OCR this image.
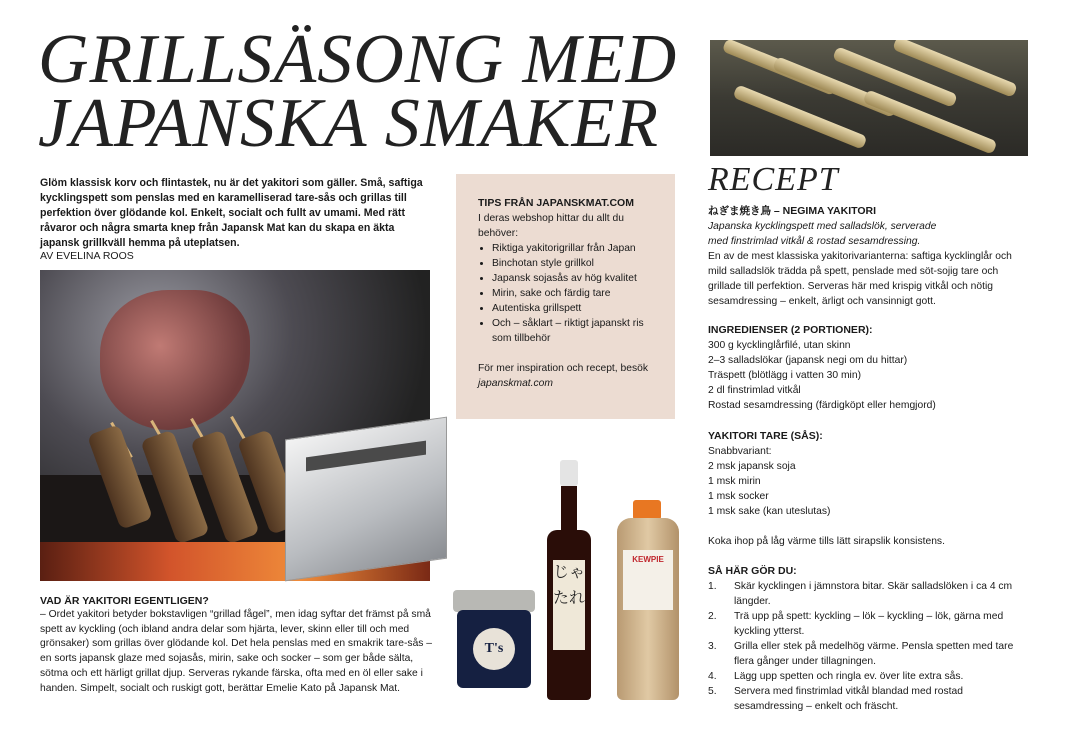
GRILLSÄSONG MED
JAPANSKA SMAKER
Glöm klassisk korv och flintastek, nu är det yakitori som gäller. Små, saftiga kycklingspett som penslas med en karamelliserad tare-sås och grillas till perfektion över glödande kol. Enkelt, socialt och fullt av umami. Med rätt råvaror och några smarta knep från Japansk Mat kan du skapa en äkta japansk grillkväll hemma på uteplatsen.
AV EVELINA ROOS
VAD ÄR YAKITORI EGENTLIGEN?
– Ordet yakitori betyder bokstavligen “grillad fågel”, men idag syftar det främst på små spett av kyckling (och ibland andra delar som hjärta, lever, skinn eller till och med grönsaker) som grillas över glödande kol. Det hela penslas med en smakrik tare-sås – en sorts japansk glaze med sojasås, mirin, sake och socker – som ger både sälta, sötma och ett härligt grillat djup. Serveras rykande färska, ofta med en öl eller sake i handen. Simpelt, socialt och ruskigt gott, berättar Emelie Kato på Japansk Mat.
TIPS FRÅN JAPANSKMAT.COM
I deras webshop hittar du allt du behöver:
• Riktiga yakitorigrillar från Japan
• Binchotan style grillkol
• Japansk sojasås av hög kvalitet
• Mirin, sake och färdig tare
• Autentiska grillspett
• Och – såklart – riktigt japanskt ris som tillbehör
För mer inspiration och recept, besök japanskmat.com
T's
じゃ たれ
KEWPIE
RECEPT
ねぎま焼き鳥 – NEGIMA YAKITORI
Japanska kycklingspett med salladslök, serverade med finstrimlad vitkål & rostad sesamdressing.
En av de mest klassiska yakitorivarianterna: saftiga kycklinglår och mild salladslök trädda på spett, penslade med söt-sojig tare och grillade till perfektion. Serveras här med krispig vitkål och nötig sesamdressing – enkelt, ärligt och vansinnigt gott.
INGREDIENSER (2 PORTIONER):
300 g kycklinglårfilé, utan skinn
2–3 salladslökar (japansk negi om du hittar)
Träspett (blötlägg i vatten 30 min)
2 dl finstrimlad vitkål
Rostad sesamdressing (färdigköpt eller hemgjord)
YAKITORI TARE (SÅS):
Snabbvariant:
2 msk japansk soja
1 msk mirin
1 msk socker
1 msk sake (kan uteslutas)
Koka ihop på låg värme tills lätt sirapslik konsistens.
SÅ HÄR GÖR DU:
1. Skär kycklingen i jämnstora bitar. Skär salladslöken i ca 4 cm längder.
2. Trä upp på spett: kyckling – lök – kyckling – lök, gärna med kyckling ytterst.
3. Grilla eller stek på medelhög värme. Pensla spetten med tare flera gånger under tillagningen.
4. Lägg upp spetten och ringla ev. över lite extra sås.
5. Servera med finstrimlad vitkål blandad med rostad sesamdressing – enkelt och fräscht.
